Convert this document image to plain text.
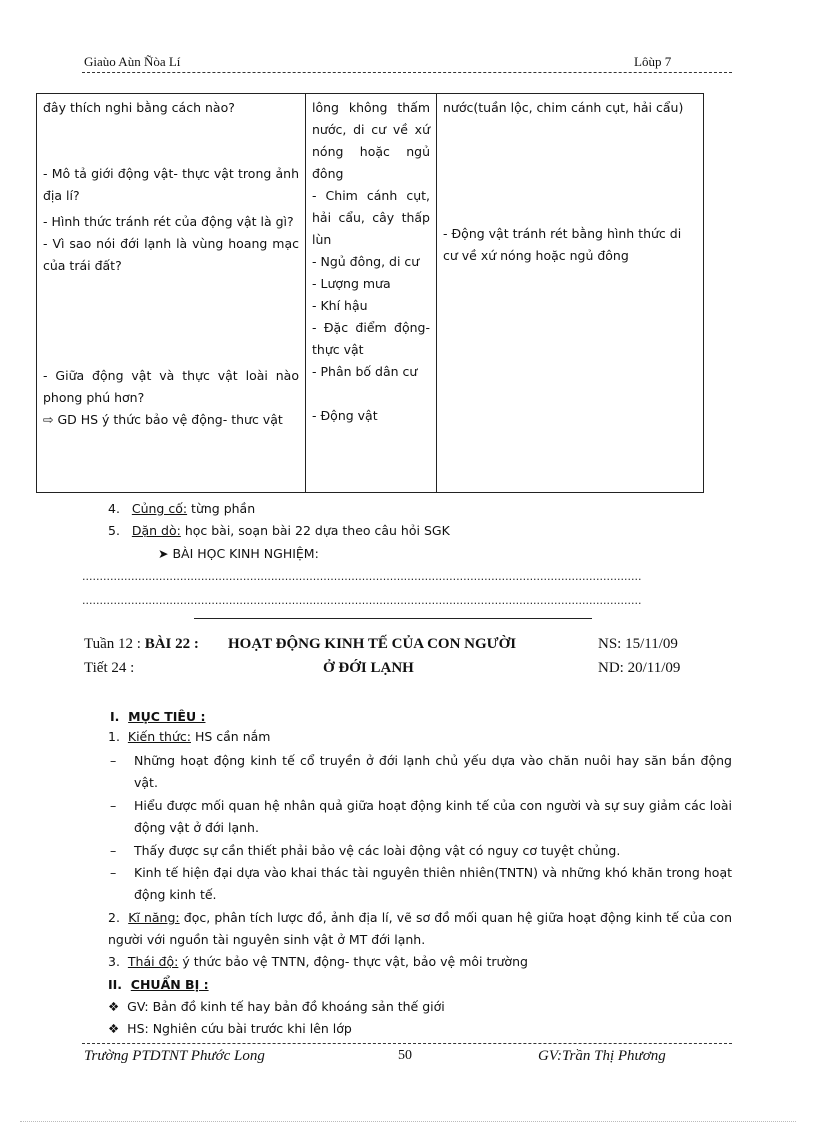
Giaùo Aùn Ñòa Lí	Lôùp 7
đây thích nghi bằng cách nào?
- Mô tả giới động vật- thực vật trong ảnh địa lí?
- Hình thức tránh rét của động vật là gì?
- Vì sao nói đới lạnh là vùng hoang mạc của trái đất?
- Giữa động vật và thực vật loài nào phong phú hơn?
⇨ GD HS ý thức bảo vệ động- thưc vật

lông không thấm nước, di cư về xứ nóng hoặc ngủ đông
- Chim cánh cụt, hải cẩu, cây thấp lùn
- Ngủ đông, di cư
- Lượng mưa
- Khí hậu
- Đặc điểm động- thực vật
- Phân bố dân cư
- Động vật

nước(tuần lộc, chim cánh cụt, hải cẩu)
- Động vật tránh rét bằng hình thức di cư về xứ nóng hoặc ngủ đông
4. Củng cố: từng phần
5. Dặn dò: học bài, soạn bài 22 dựa theo câu hỏi SGK
➤ BÀI HỌC KINH NGHIỆM:
................................................................................................................................................................
................................................................................................................................................................
Tuần 12 : BÀI 22 : HOẠT ĐỘNG KINH TẾ CỦA CON NGƯỜI	NS: 15/11/09
Tiết 24 :	Ở ĐỚI LẠNH	ND: 20/11/09
I. MỤC TIÊU :
1. Kiến thức: HS cần nắm
– Những hoạt động kinh tế cổ truyền ở đới lạnh chủ yếu dựa vào chăn nuôi hay săn bắn động vật.
– Hiểu được mối quan hệ nhân quả giữa hoạt động kinh tế của con người và sự suy giảm các loài động vật ở đới lạnh.
– Thấy được sự cần thiết phải bảo vệ các loài động vật có nguy cơ tuyệt chủng.
– Kinh tế hiện đại dựa vào khai thác tài nguyên thiên nhiên(TNTN) và những khó khăn trong hoạt động kinh tế.
2. Kĩ năng: đọc, phân tích lược đồ, ảnh địa lí, vẽ sơ đồ mối quan hệ giữa hoạt động kinh tế của con người với nguồn tài nguyên sinh vật ở MT đới lạnh.
3. Thái độ: ý thức bảo vệ TNTN, động- thực vật, bảo vệ môi trường
II. CHUẨN BỊ :
❖ GV: Bản đồ kinh tế hay bản đồ khoáng sản thế giới
❖ HS: Nghiên cứu bài trước khi lên lớp
Trường PTDTNT Phước Long	50	GV:Trần Thị Phương
